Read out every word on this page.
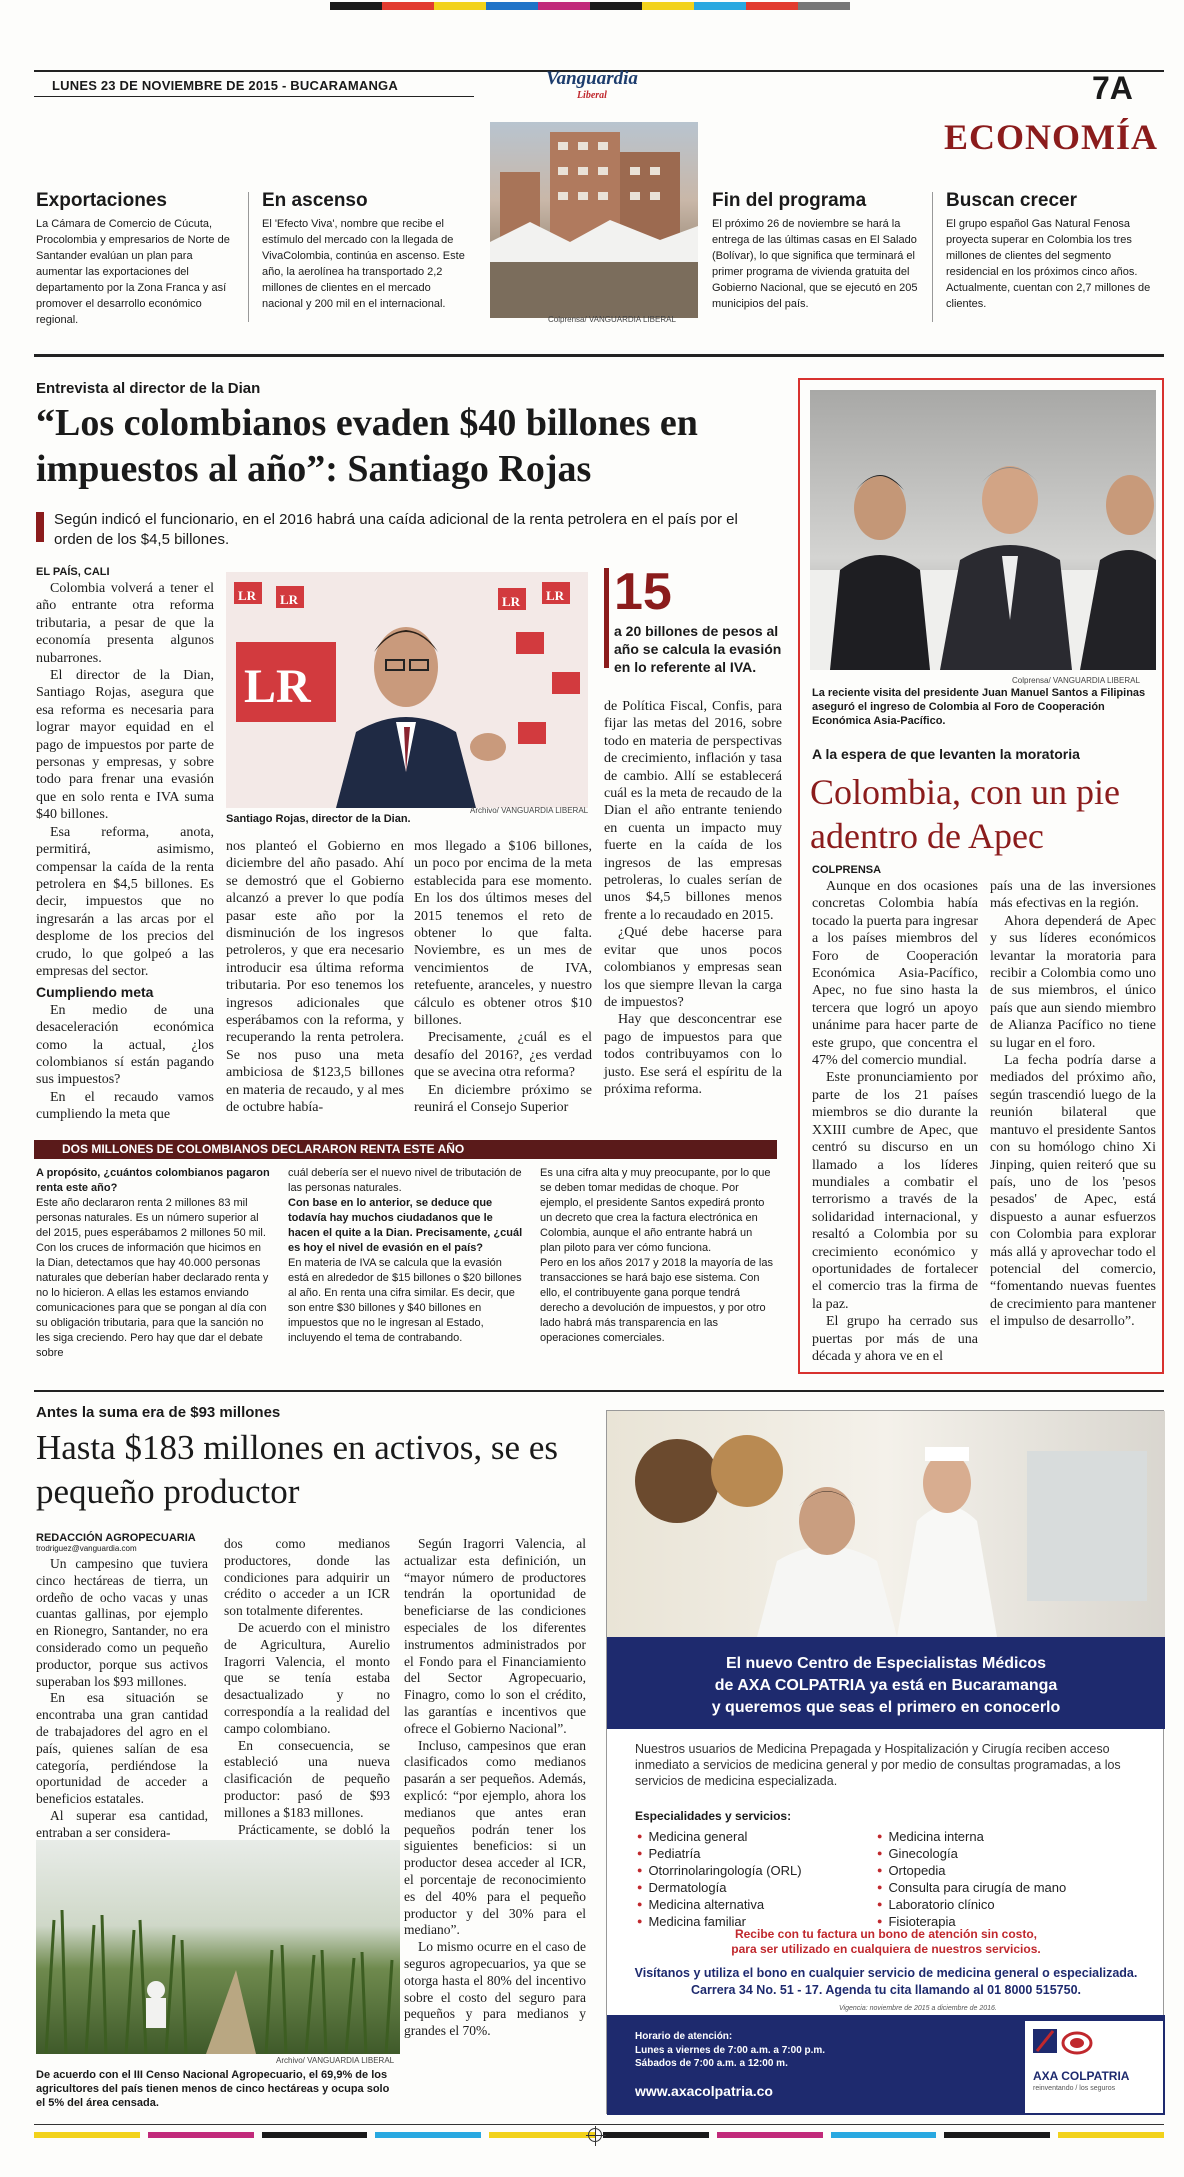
LUNES 23 DE NOVIEMBRE DE 2015 - BUCARAMANGA	Vanguardia
Liberal	7A
ECONOMÍA
Exportaciones

La Cámara de Comercio de Cúcuta, Procolombia y empresarios de Norte de Santander evalúan un plan para aumentar las exportaciones del departamento por la Zona Franca y así promover el desarrollo económico regional.

En ascenso

El 'Efecto Viva', nombre que recibe el estímulo del mercado con la llegada de VivaColombia, continúa en ascenso. Este año, la aerolínea ha transportado 2,2 millones de clientes en el mercado nacional y 200 mil en el internacional.

Colprensa/ VANGUARDIA LIBERAL
Fin del programa

El próximo 26 de noviembre se hará la entrega de las últimas casas en El Salado (Bolívar), lo que significa que terminará el primer programa de vivienda gratuita del Gobierno Nacional, que se ejecutó en 205 municipios del país.

Buscan crecer

El grupo español Gas Natural Fenosa proyecta superar en Colombia los tres millones de clientes del segmento residencial en los próximos cinco años. Actualmente, cuentan con 2,7 millones de clientes.

Entrevista al director de la Dian
“Los colombianos evaden $40 billones en impuestos al año”: Santiago Rojas
Según indicó el funcionario, en el 2016 habrá una caída adicional de la renta petrolera en el país por el orden de los $4,5 billones.
EL PAÍS, CALI

Colombia volverá a tener el año entrante otra reforma tributaria, a pesar de que la economía presenta algunos nubarrones.

El director de la Dian, Santiago Rojas, asegura que esa reforma es necesaria para lograr mayor equidad en el pago de impuestos por parte de personas y empresas, y sobre todo para frenar una evasión que en solo renta e IVA suma $40 billones.

Esa reforma, anota, permitirá, asimismo, compensar la caída de la renta petrolera en $4,5 billones. Es decir, impuestos que no ingresarán a las arcas por el desplome de los precios del crudo, lo que golpeó a las empresas del sector.

Cumpliendo meta

En medio de una desaceleración económica como la actual, ¿los colombianos sí están pagando sus impuestos?

En el recaudo vamos cumpliendo la meta que

LR LR	LR LR
LR
Santiago Rojas, director de la Dian.
Archivo/ VANGUARDIA LIBERAL
15
a 20 billones de pesos al año se calcula la evasión en lo referente al IVA.

nos planteó el Gobierno en diciembre del año pasado. Ahí se demostró que el Gobierno alcanzó a prever lo que podía pasar este año por la disminución de los ingresos petroleros, y que era necesario introducir esa última reforma tributaria. Por eso tenemos los ingresos adicionales que esperábamos con la reforma, y recuperando la renta petrolera. Se nos puso una meta ambiciosa de $123,5 billones en materia de recaudo, y al mes de octubre había-

mos llegado a $106 billones, un poco por encima de la meta establecida para ese momento. En los dos últimos meses del 2015 tenemos el reto de obtener lo que falta. Noviembre, es un mes de vencimientos de IVA, retefuente, aranceles, y nuestro cálculo es obtener otros $10 billones.

Precisamente, ¿cuál es el desafío del 2016?, ¿es verdad que se avecina otra reforma?

En diciembre próximo se reunirá el Consejo Superior

de Política Fiscal, Confis, para fijar las metas del 2016, sobre todo en materia de perspectivas de crecimiento, inflación y tasa de cambio. Allí se establecerá cuál es la meta de recaudo de la Dian el año entrante teniendo en cuenta un impacto muy fuerte en la caída de los ingresos de las empresas petroleras, lo cuales serían de unos $4,5 billones menos frente a lo recaudado en 2015.

¿Qué debe hacerse para evitar que unos pocos colombianos y empresas sean los que siempre llevan la carga de impuestos?

Hay que desconcentrar ese pago de impuestos para que todos contribuyamos con lo justo. Ese será el espíritu de la próxima reforma.

DOS MILLONES DE COLOMBIANOS DECLARARON RENTA ESTE AÑO
A propósito, ¿cuántos colombianos pagaron renta este año?
Este año declararon renta 2 millones 83 mil personas naturales. Es un número superior al del 2015, pues esperábamos 2 millones 50 mil. Con los cruces de información que hicimos en la Dian, detectamos que hay 40.000 personas naturales que deberían haber declarado renta y no lo hicieron. A ellas les estamos enviando comunicaciones para que se pongan al día con su obligación tributaria, para que la sanción no les siga creciendo. Pero hay que dar el debate sobre
cuál debería ser el nuevo nivel de tributación de las personas naturales.
Con base en lo anterior, se deduce que todavía hay muchos ciudadanos que le hacen el quite a la Dian. Precisamente, ¿cuál es hoy el nivel de evasión en el país?
En materia de IVA se calcula que la evasión está en alrededor de $15 billones o $20 billones al año. En renta una cifra similar. Es decir, que son entre $30 billones y $40 billones en impuestos que no le ingresan al Estado, incluyendo el tema de contrabando.
Es una cifra alta y muy preocupante, por lo que se deben tomar medidas de choque. Por ejemplo, el presidente Santos expedirá pronto un decreto que crea la factura electrónica en Colombia, aunque el año entrante habrá un plan piloto para ver cómo funciona.
Pero en los años 2017 y 2018 la mayoría de las transacciones se hará bajo ese sistema. Con ello, el contribuyente gana porque tendrá derecho a devolución de impuestos, y por otro lado habrá más transparencia en las operaciones comerciales.
Colprensa/ VANGUARDIA LIBERAL
La reciente visita del presidente Juan Manuel Santos a Filipinas aseguró el ingreso de Colombia al Foro de Cooperación Económica Asia-Pacífico.
A la espera de que levanten la moratoria
Colombia, con un pie adentro de Apec
COLPRENSA

Aunque en dos ocasiones concretas Colombia había tocado la puerta para ingresar a los países miembros del Foro de Cooperación Económica Asia-Pacífico, Apec, no fue sino hasta la tercera que logró un apoyo unánime para hacer parte de este grupo, que concentra el 47% del comercio mundial.

Este pronunciamiento por parte de los 21 países miembros se dio durante la XXIII cumbre de Apec, que centró su discurso en un llamado a los líderes mundiales a combatir el terrorismo a través de la solidaridad internacional, y resaltó a Colombia por su crecimiento económico y oportunidades de fortalecer el comercio tras la firma de la paz.

El grupo ha cerrado sus puertas por más de una década y ahora ve en el

país una de las inversiones más efectivas en la región.

Ahora dependerá de Apec y sus líderes económicos levantar la moratoria para recibir a Colombia como uno de sus miembros, el único país que aun siendo miembro de Alianza Pacífico no tiene su lugar en el foro.

La fecha podría darse a mediados del próximo año, según trascendió luego de la reunión bilateral que mantuvo el presidente Santos con su homólogo chino Xi Jinping, quien reiteró que su país, uno de los 'pesos pesados' de Apec, está dispuesto a aunar esfuerzos con Colombia para explorar más allá y aprovechar todo el potencial del comercio, “fomentando nuevas fuentes de crecimiento para mantener el impulso de desarrollo”.

Antes la suma era de $93 millones
Hasta $183 millones en activos, se es pequeño productor
REDACCIÓN AGROPECUARIA
trodriguez@vanguardia.com

Un campesino que tuviera cinco hectáreas de tierra, un ordeño de ocho vacas y unas cuantas gallinas, por ejemplo en Rionegro, Santander, no era considerado como un pequeño productor, porque sus activos superaban los $93 millones.

En esa situación se encontraba una gran cantidad de trabajadores del agro en el país, quienes salían de esa categoría, perdiéndose la oportunidad de acceder a beneficios estatales.

Al superar esa cantidad, entraban a ser considera-

dos como medianos productores, donde las condiciones para adquirir un crédito o acceder a un ICR son totalmente diferentes.

De acuerdo con el ministro de Agricultura, Aurelio Iragorri Valencia, el monto que se tenía estaba desactualizado y no correspondía a la realidad del campo colombiano.

En consecuencia, se estableció una nueva clasificación de pequeño productor: pasó de $93 millones a $183 millones.

Prácticamente, se dobló la

Según Iragorri Valencia, al actualizar esta definición, un “mayor número de productores tendrán la oportunidad de beneficiarse de las condiciones especiales de los diferentes instrumentos administrados por el Fondo para el Financiamiento del Sector Agropecuario, Finagro, como lo son el crédito, las garantías e incentivos que ofrece el Gobierno Nacional”.

Incluso, campesinos que eran clasificados como medianos pasarán a ser pequeños. Además, explicó: “por ejemplo, ahora los medianos que antes eran pequeños podrán tener los siguientes beneficios: si un productor desea acceder al ICR, el porcentaje de reconocimiento es del 40% para el pequeño productor y del 30% para el mediano”.

Lo mismo ocurre en el caso de seguros agropecuarios, ya que se otorga hasta el 80% del incentivo sobre el costo del seguro para pequeños y para medianos y grandes el 70%.

Archivo/ VANGUARDIA LIBERAL
De acuerdo con el III Censo Nacional Agropecuario, el 69,9% de los agricultores del país tienen menos de cinco hectáreas y ocupa solo el 5% del área censada.
El nuevo Centro de Especialistas Médicos
de AXA COLPATRIA ya está en Bucaramanga
y queremos que seas el primero en conocerlo
Nuestros usuarios de Medicina Prepagada y Hospitalización y Cirugía reciben acceso inmediato a servicios de medicina general y por medio de consultas programadas, a los servicios de medicina especializada.
Especialidades y servicios:
● Medicina general
● Pediatría
● Otorrinolaringología (ORL)
● Dermatología
● Medicina alternativa
● Medicina familiar
● Medicina interna
● Ginecología
● Ortopedia
● Consulta para cirugía de mano
● Laboratorio clínico
● Fisioterapia
Recibe con tu factura un bono de atención sin costo,
para ser utilizado en cualquiera de nuestros servicios.
Visítanos y utiliza el bono en cualquier servicio de medicina general o especializada.
Carrera 34 No. 51 - 17. Agenda tu cita llamando al 01 8000 515750.
Vigencia: noviembre de 2015 a diciembre de 2016.
Horario de atención:
Lunes a viernes de 7:00 a.m. a 7:00 p.m.
Sábados de 7:00 a.m. a 12:00 m.
www.axacolpatria.co
AXA COLPATRIA
reinventando / los seguros
